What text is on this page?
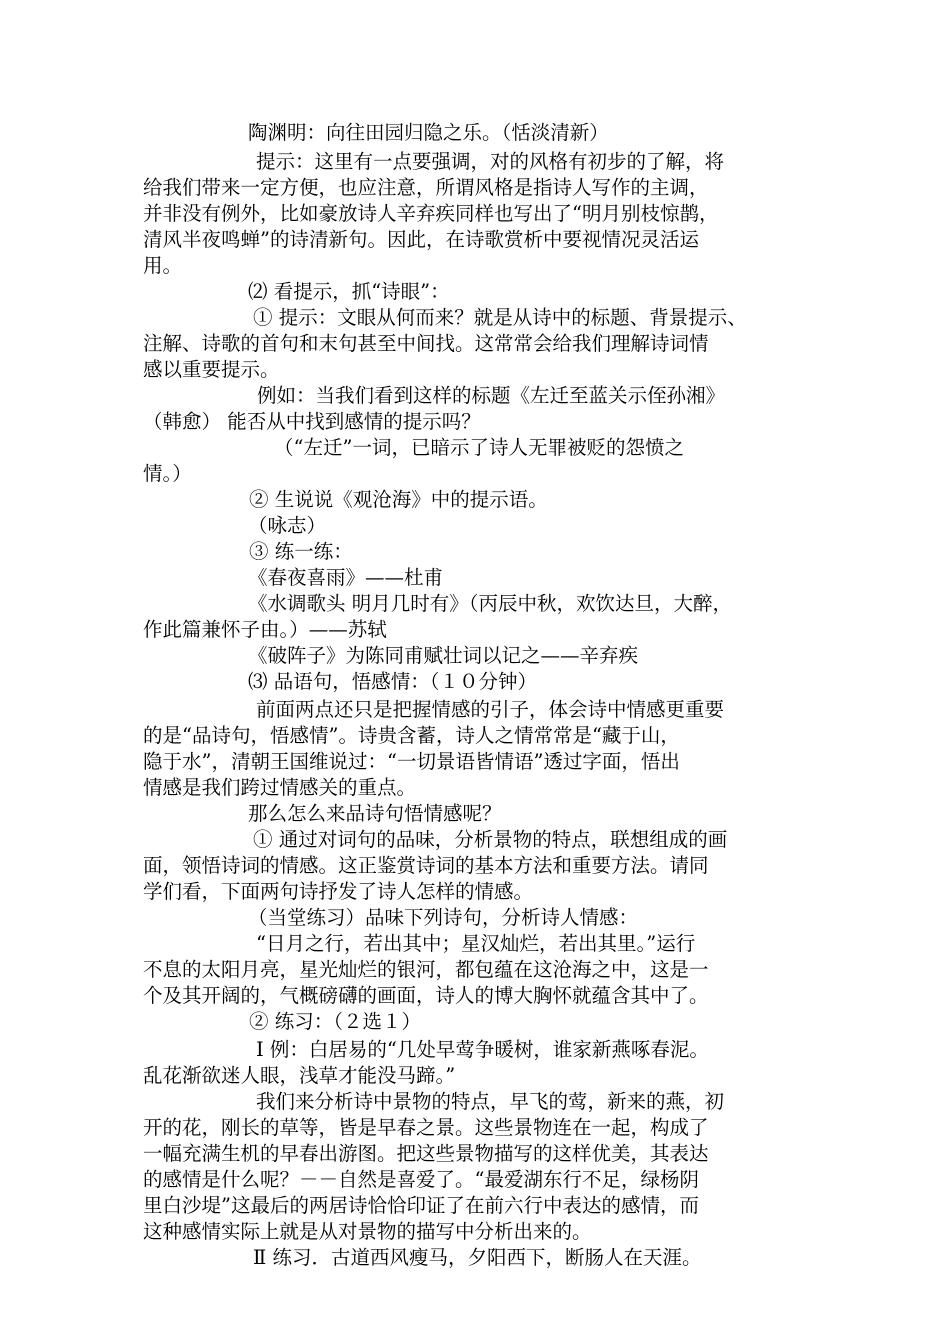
陶渊明：向往田园归隐之乐。（恬淡清新）
提示：这里有一点要强调，对的风格有初步的了解，将
给我们带来一定方便，也应注意，所谓风格是指诗人写作的主调，
并非没有例外，比如豪放诗人辛弃疾同样也写出了“明月别枝惊鹊，
清风半夜鸣蝉”的诗清新句。因此，在诗歌赏析中要视情况灵活运
用。
⑵ 看提示，抓“诗眼”：
① 提示：文眼从何而来？就是从诗中的标题、背景提示、
注解、诗歌的首句和末句甚至中间找。这常常会给我们理解诗词情
感以重要提示。
例如：当我们看到这样的标题《左迁至蓝关示侄孙湘》
（韩愈） 能否从中找到感情的提示吗？
（“左迁”一词，已暗示了诗人无罪被贬的怨愤之
情。）
② 生说说《观沧海》中的提示语。
（咏志）
③ 练一练：
《春夜喜雨》——杜甫
《水调歌头 明月几时有》（丙辰中秋，欢饮达旦，大醉，
作此篇兼怀子由。）——苏轼
《破阵子》为陈同甫赋壮词以记之——辛弃疾
⑶ 品语句，悟感情：（１０分钟）
前面两点还只是把握情感的引子，体会诗中情感更重要
的是“品诗句，悟感情”。诗贵含蓄，诗人之情常常是“藏于山，
隐于水”，清朝王国维说过：“一切景语皆情语”透过字面，悟出
情感是我们跨过情感关的重点。
那么怎么来品诗句悟情感呢？
① 通过对词句的品味，分析景物的特点，联想组成的画
面，领悟诗词的情感。这正鉴赏诗词的基本方法和重要方法。请同
学们看，下面两句诗抒发了诗人怎样的情感。
（当堂练习）品味下列诗句，分析诗人情感：
“日月之行，若出其中；星汉灿烂，若出其里。”运行
不息的太阳月亮，星光灿烂的银河，都包蕴在这沧海之中，这是一
个及其开阔的，气概磅礴的画面，诗人的博大胸怀就蕴含其中了。
② 练习：（２选１）
Ⅰ 例：白居易的“几处早莺争暖树，谁家新燕啄春泥。
乱花渐欲迷人眼，浅草才能没马蹄。”
我们来分析诗中景物的特点，早飞的莺，新来的燕，初
开的花，刚长的草等，皆是早春之景。这些景物连在一起，构成了
一幅充满生机的早春出游图。把这些景物描写的这样优美，其表达
的感情是什么呢？－－自然是喜爱了。“最爱湖东行不足，绿杨阴
里白沙堤”这最后的两居诗恰恰印证了在前六行中表达的感情，而
这种感情实际上就是从对景物的描写中分析出来的。
Ⅱ 练习．古道西风瘦马，夕阳西下，断肠人在天涯。
